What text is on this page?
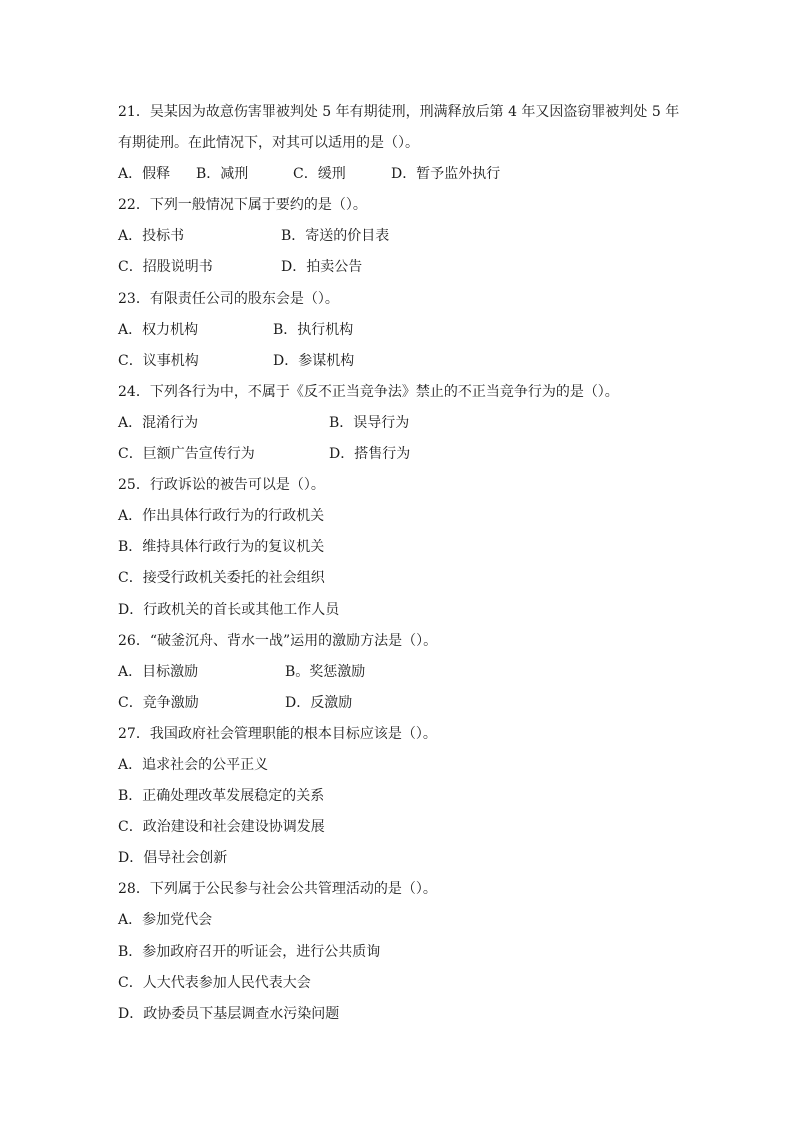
21．吴某因为故意伤害罪被判处 5 年有期徒刑，刑满释放后第 4 年又因盗窃罪被判处 5 年
有期徒刑。在此情况下，对其可以适用的是（）。
A．假释 B．减刑	C．缓刑	D．暂予监外执行
22．下列一般情况下属于要约的是（）。
A．投标书	B．寄送的价目表
C．招股说明书	D．拍卖公告
23．有限责任公司的股东会是（）。
A．权力机构	B．执行机构
C．议事机构	D．参谋机构
24．下列各行为中，不属于《反不正当竞争法》禁止的不正当竞争行为的是（）。
A．混淆行为	B．误导行为
C．巨额广告宣传行为	D．搭售行为
25．行政诉讼的被告可以是（）。
A．作出具体行政行为的行政机关
B．维持具体行政行为的复议机关
C．接受行政机关委托的社会组织
D．行政机关的首长或其他工作人员
26．“破釜沉舟、背水一战”运用的激励方法是（）。
A．目标激励	B。奖惩激励
C．竞争激励	D．反激励
27．我国政府社会管理职能的根本目标应该是（）。
A．追求社会的公平正义
B．正确处理改革发展稳定的关系
C．政治建设和社会建设协调发展
D．倡导社会创新
28．下列属于公民参与社会公共管理活动的是（）。
A．参加党代会
B．参加政府召开的听证会，进行公共质询
C．人大代表参加人民代表大会
D．政协委员下基层调查水污染问题
